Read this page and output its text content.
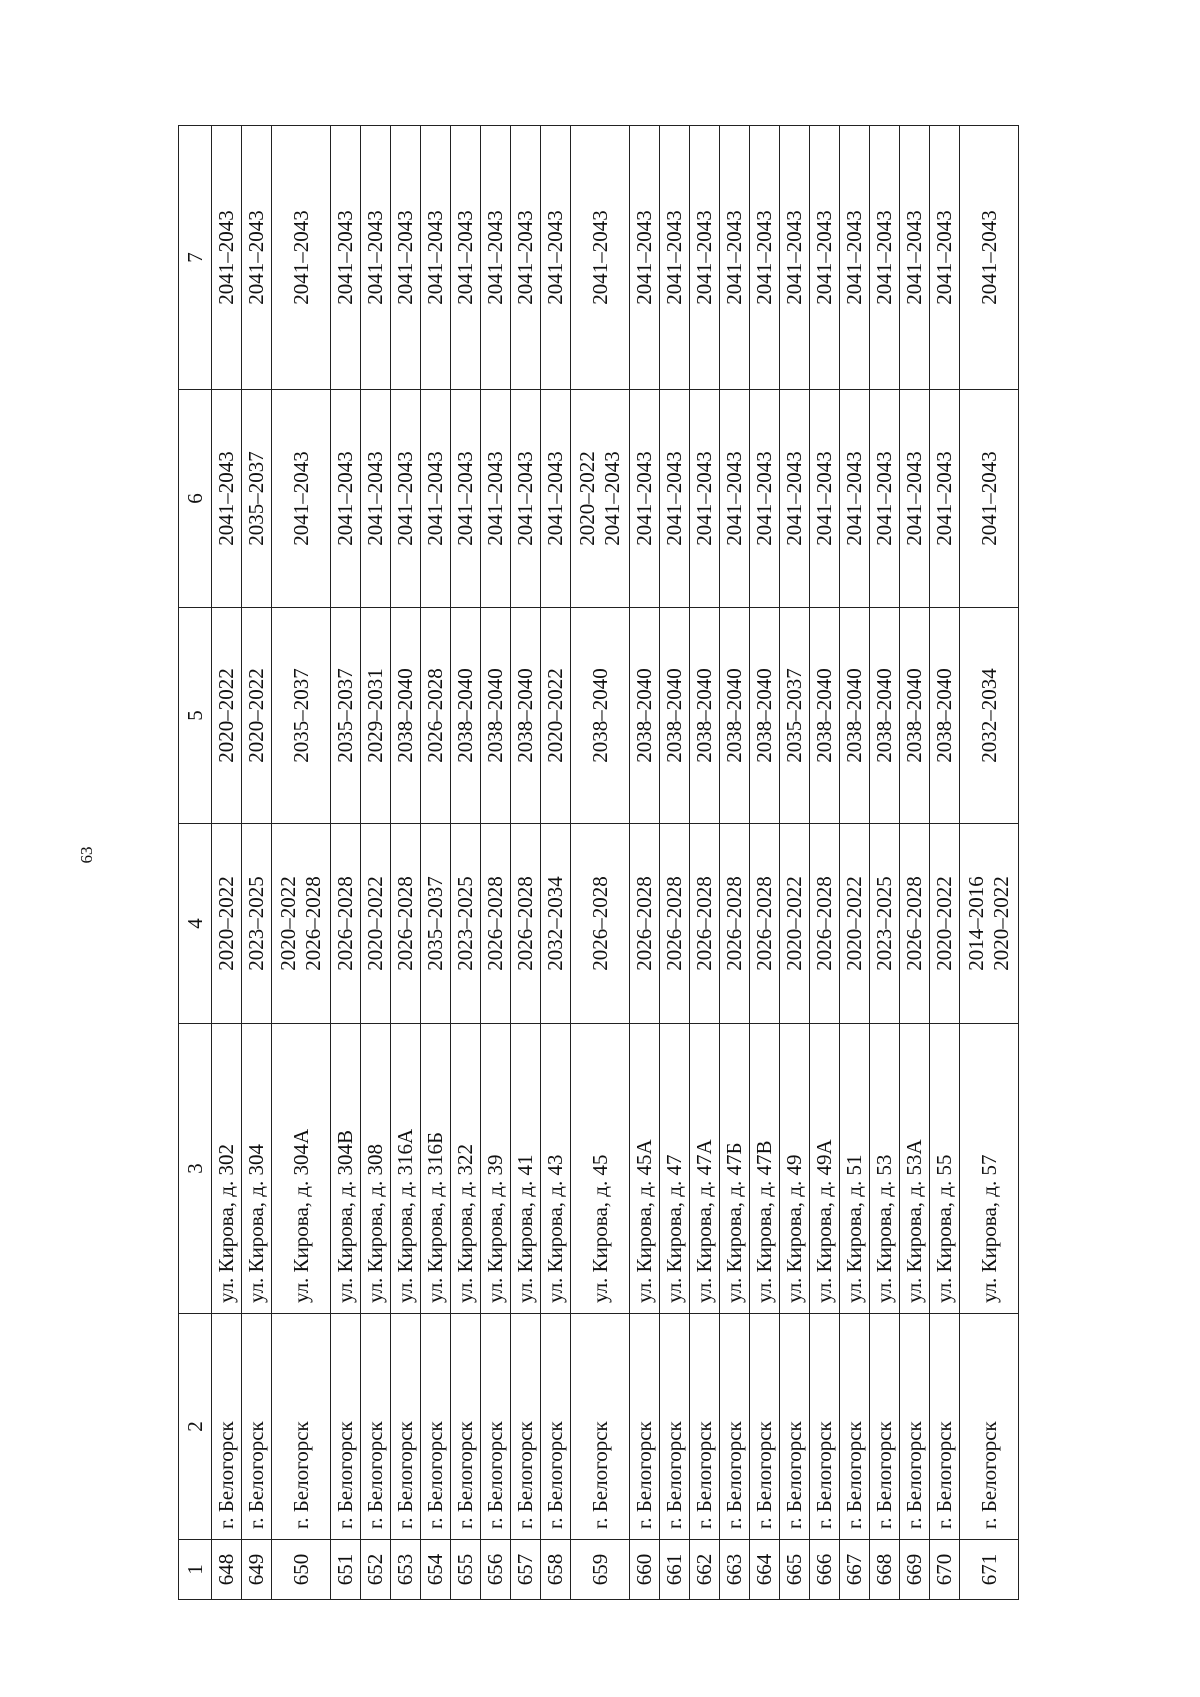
63
1	2	3	4	5	6	7
648	г. Белогорск	ул. Кирова, д. 302	2020–2022	2020–2022	2041–2043	2041–2043

649	г. Белогорск	ул. Кирова, д. 304	2023–2025	2020–2022	2035–2037	2041–2043

650	г. Белогорск	ул. Кирова, д. 304А	2020–2022 2026–2028	2035–2037	2041–2043	2041–2043

651	г. Белогорск	ул. Кирова, д. 304В	2026–2028	2035–2037	2041–2043	2041–2043

652	г. Белогорск	ул. Кирова, д. 308	2020–2022	2029–2031	2041–2043	2041–2043

653	г. Белогорск	ул. Кирова, д. 316А	2026–2028	2038–2040	2041–2043	2041–2043

654	г. Белогорск	ул. Кирова, д. 316Б	2035–2037	2026–2028	2041–2043	2041–2043

655	г. Белогорск	ул. Кирова, д. 322	2023–2025	2038–2040	2041–2043	2041–2043

656	г. Белогорск	ул. Кирова, д. 39	2026–2028	2038–2040	2041–2043	2041–2043

657	г. Белогорск	ул. Кирова, д. 41	2026–2028	2038–2040	2041–2043	2041–2043

658	г. Белогорск	ул. Кирова, д. 43	2032–2034	2020–2022	2041–2043	2041–2043

659	г. Белогорск	ул. Кирова, д. 45	2026–2028	2038–2040	2020–2022 2041–2043	2041–2043

660	г. Белогорск	ул. Кирова, д. 45А	2026–2028	2038–2040	2041–2043	2041–2043

661	г. Белогорск	ул. Кирова, д. 47	2026–2028	2038–2040	2041–2043	2041–2043

662	г. Белогорск	ул. Кирова, д. 47А	2026–2028	2038–2040	2041–2043	2041–2043

663	г. Белогорск	ул. Кирова, д. 47Б	2026–2028	2038–2040	2041–2043	2041–2043

664	г. Белогорск	ул. Кирова, д. 47В	2026–2028	2038–2040	2041–2043	2041–2043

665	г. Белогорск	ул. Кирова, д. 49	2020–2022	2035–2037	2041–2043	2041–2043

666	г. Белогорск	ул. Кирова, д. 49А	2026–2028	2038–2040	2041–2043	2041–2043

667	г. Белогорск	ул. Кирова, д. 51	2020–2022	2038–2040	2041–2043	2041–2043

668	г. Белогорск	ул. Кирова, д. 53	2023–2025	2038–2040	2041–2043	2041–2043

669	г. Белогорск	ул. Кирова, д. 53А	2026–2028	2038–2040	2041–2043	2041–2043

670	г. Белогорск	ул. Кирова, д. 55	2020–2022	2038–2040	2041–2043	2041–2043

671	г. Белогорск	ул. Кирова, д. 57	2014–2016 2020–2022	2032–2034	2041–2043	2041–2043
